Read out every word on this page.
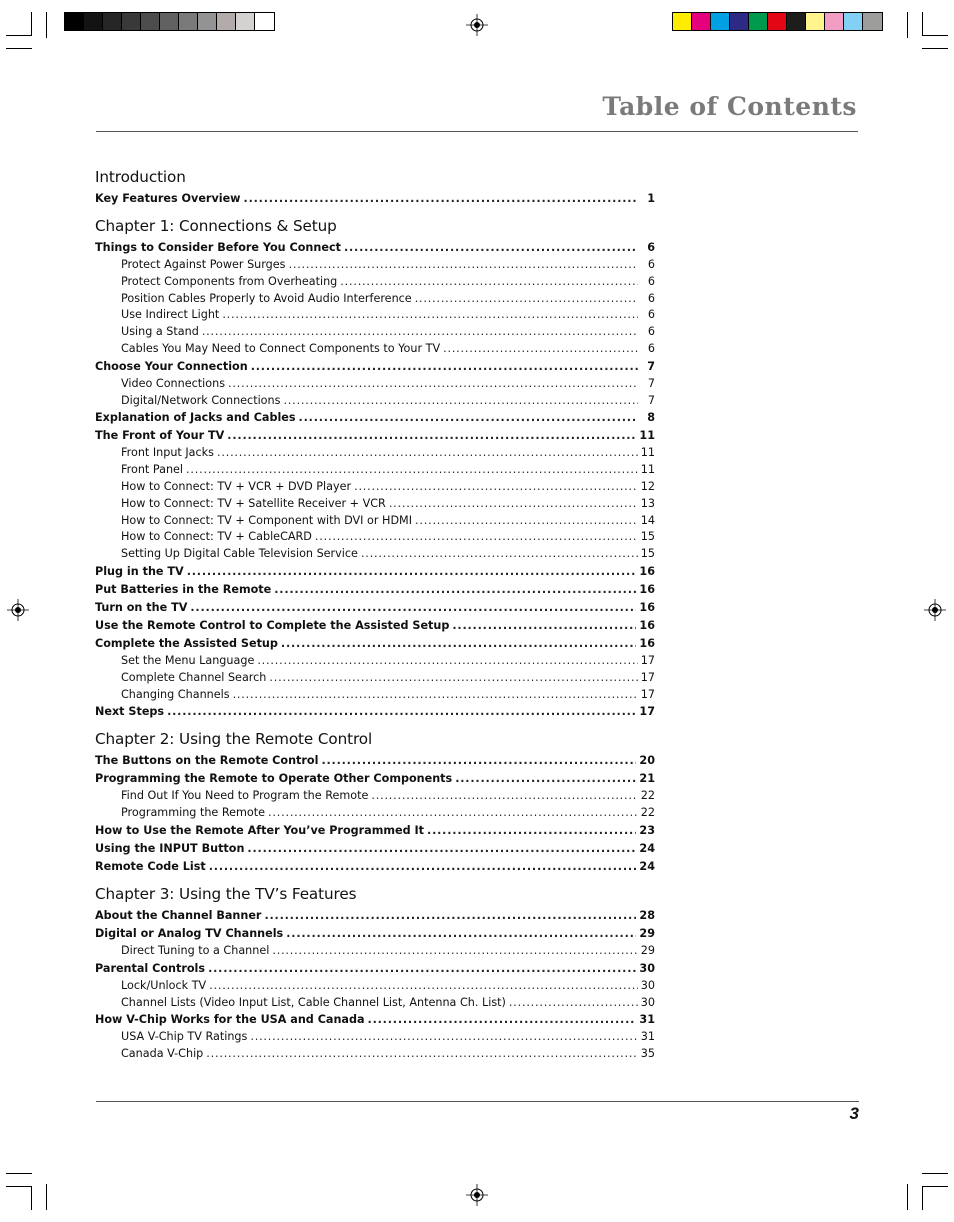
Table of Contents
Introduction
Key Features Overview .....	1
Chapter 1: Connections & Setup
Things to Consider Before You Connect .....	6
Protect Against Power Surges .....	6
Protect Components from Overheating .....	6
Position Cables Properly to Avoid Audio Interference .....	6
Use Indirect Light .....	6
Using a Stand .....	6
Cables You May Need to Connect Components to Your TV .....	6
Choose Your Connection .....	7
Video Connections .....	7
Digital/Network Connections .....	7
Explanation of Jacks and Cables .....	8
The Front of Your TV .....	11
Front Input Jacks .....	11
Front Panel .....	11
How to Connect: TV + VCR + DVD Player .....	12
How to Connect: TV + Satellite Receiver + VCR .....	13
How to Connect: TV + Component with DVI or HDMI .....	14
How to Connect: TV + CableCARD .....	15
Setting Up Digital Cable Television Service .....	15
Plug in the TV .....	16
Put Batteries in the Remote .....	16
Turn on the TV .....	16
Use the Remote Control to Complete the Assisted Setup .....	16
Complete the Assisted Setup .....	16
Set the Menu Language .....	17
Complete Channel Search .....	17
Changing Channels .....	17
Next Steps .....	17
Chapter 2: Using the Remote Control
The Buttons on the Remote Control .....	20
Programming the Remote to Operate Other Components .....	21
Find Out If You Need to Program the Remote .....	22
Programming the Remote .....	22
How to Use the Remote After You’ve Programmed It .....	23
Using the INPUT Button .....	24
Remote Code List .....	24
Chapter 3: Using the TV’s Features
About the Channel Banner .....	28
Digital or Analog TV Channels .....	29
Direct Tuning to a Channel .....	29
Parental Controls .....	30
Lock/Unlock TV .....	30
Channel Lists (Video Input List, Cable Channel List, Antenna Ch. List) .....	30
How V-Chip Works for the USA and Canada .....	31
USA V-Chip TV Ratings .....	31
Canada V-Chip .....	35
3
